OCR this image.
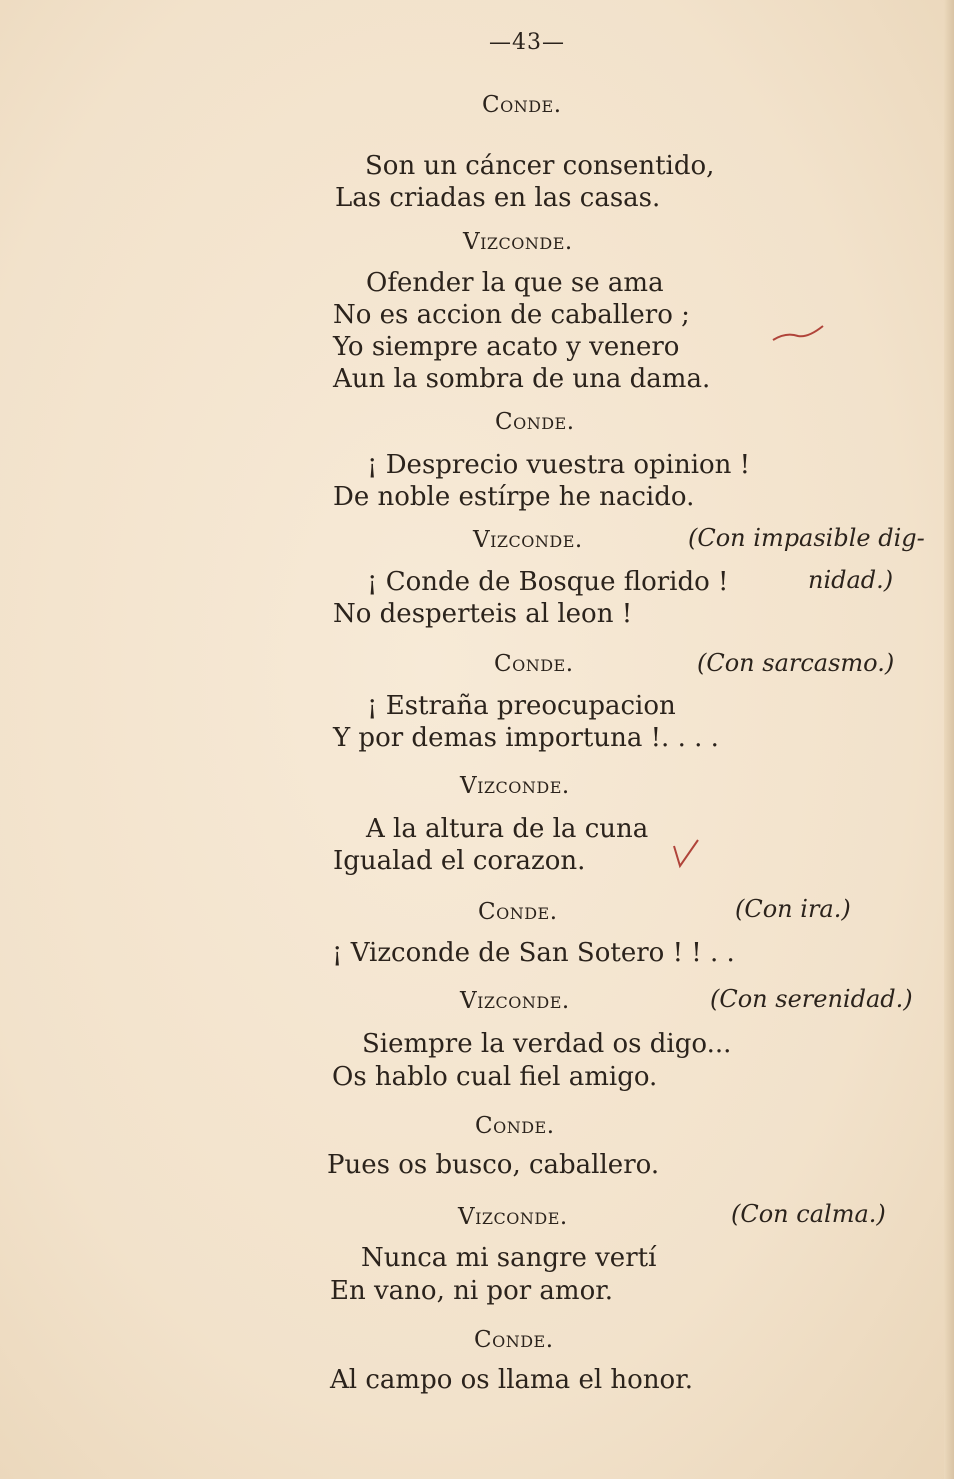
—43—
Conde.
Son un cáncer consentido,
Las criadas en las casas.
Vizconde.
Ofender la que se ama
No es accion de caballero ;
Yo siempre acato y venero
Aun la sombra de una dama.
Conde.
¡ Desprecio vuestra opinion !
De noble estírpe he nacido.
Vizconde.	(Con impasible dig-
¡ Conde de Bosque florido !	nidad.)
No desperteis al leon !
Conde.	(Con sarcasmo.)
¡ Estraña preocupacion
Y por demas importuna !. . . .
Vizconde.
A la altura de la cuna
Igualad el corazon.
Conde.	(Con ira.)
¡ Vizconde de San Sotero ! ! . .
Vizconde.	(Con serenidad.)
Siempre la verdad os digo...
Os hablo cual fiel amigo.
Conde.
Pues os busco, caballero.
Vizconde.	(Con calma.)
Nunca mi sangre vertí
En vano, ni por amor.
Conde.
Al campo os llama el honor.
